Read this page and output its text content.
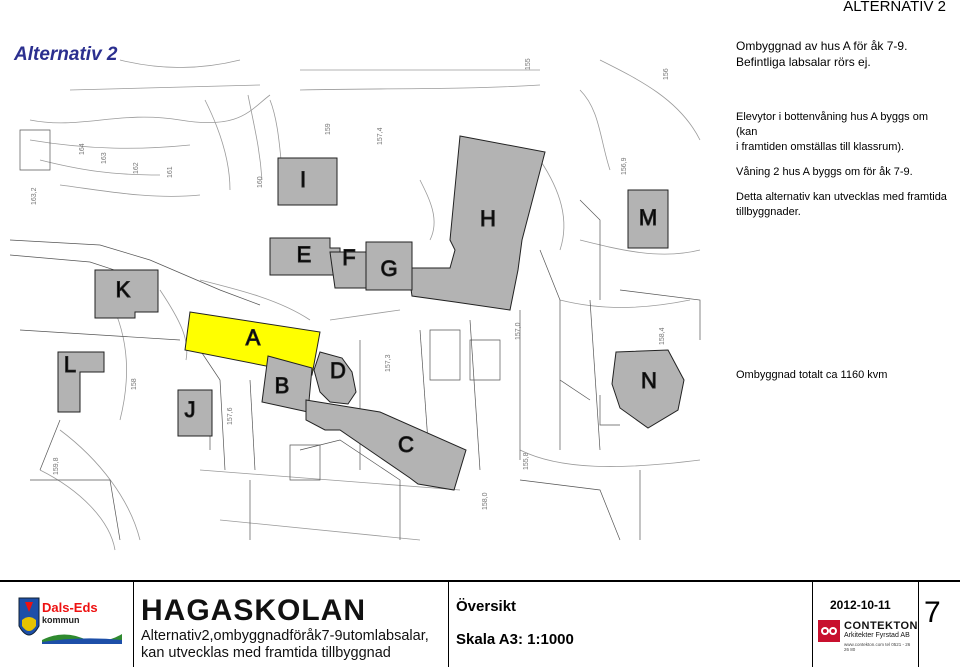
ALTERNATIV 2
Alternativ 2	Ombyggnad av hus A för åk 7-9.
Befintliga labsalar rörs ej.
Elevytor i bottenvåning hus A byggs om (kan
i framtiden omställas till klassrum).
Våning 2 hus A byggs om för åk 7-9.
Detta alternativ kan utvecklas med framtida
tillbyggnader.
Ombyggnad totalt ca 1160 kvm
I
H
E F G
M
K
A
D
B
C
L
J
N
163,2
164
163
162	161
160
159	157,4
156
155
158
157,6
157,0	158,4
156,9
157,3
158,0
159,8	155,8
Dals-Eds
kommun HAGASKOLAN
Alternativ2,ombyggnadföråk7-9utomlabsalar,
kan utvecklas med framtida tillbyggnad
Översikt
Skala A3: 1:1000
2012-10-11
CONTEKTON
Arkitekter Fyrstad AB
www.contekton.com tel 0521 - 26 26 80
7
